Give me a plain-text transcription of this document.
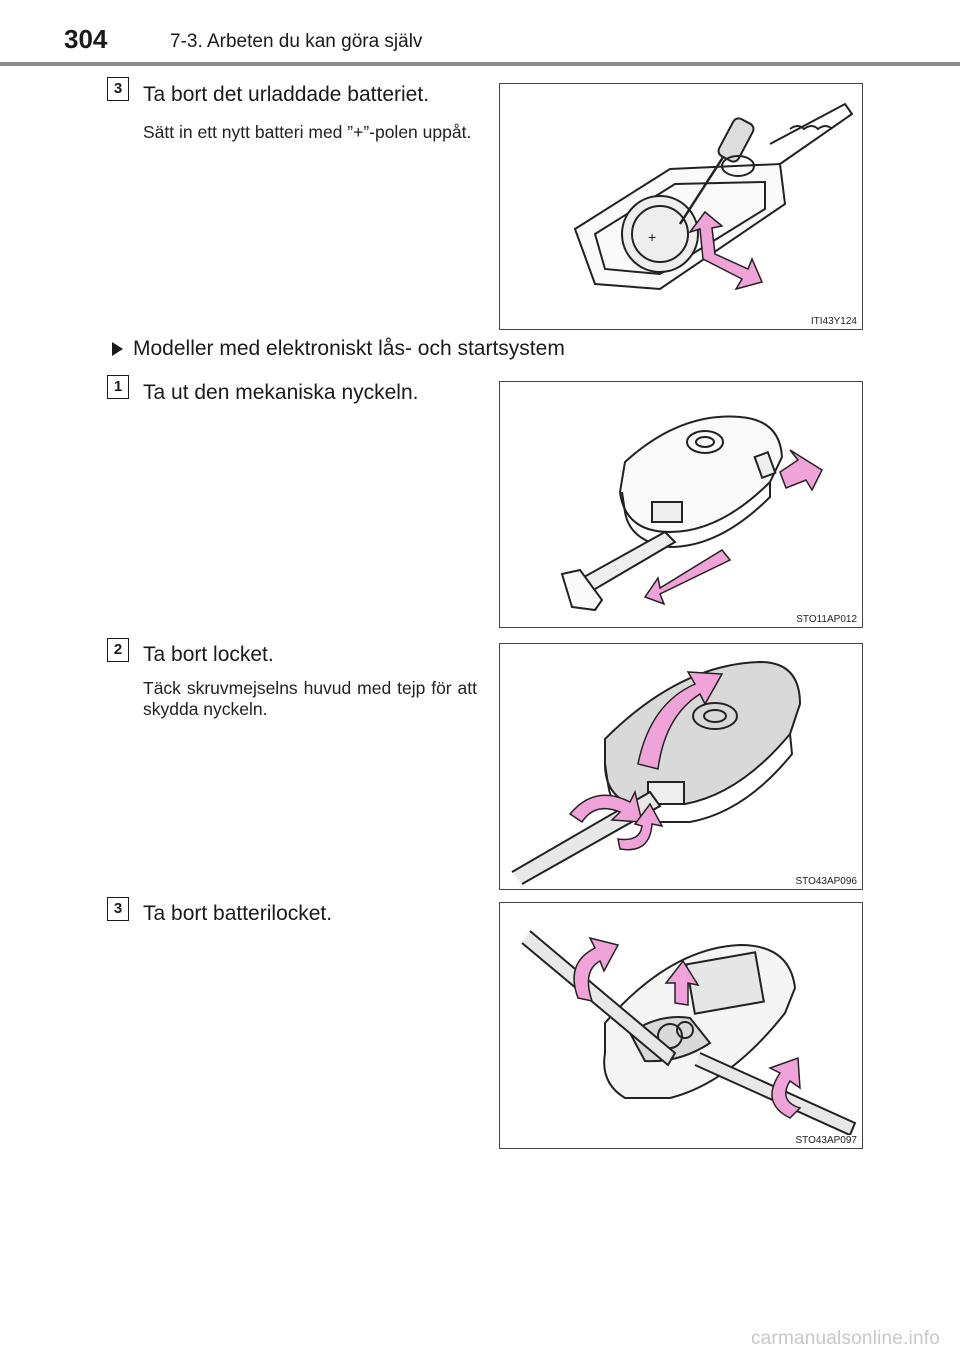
304	7-3. Arbeten du kan göra själv
3 Ta bort det urladdade batteriet.
Sätt in ett nytt batteri med ”+”-polen uppåt.
+
ITI43Y124
Modeller med elektroniskt lås- och startsystem
1 Ta ut den mekaniska nyckeln.
STO11AP012
2 Ta bort locket.
Täck skruvmejselns huvud med tejp för att skydda nyckeln.
STO43AP096
3 Ta bort batterilocket.
STO43AP097
carmanualsonline.info
